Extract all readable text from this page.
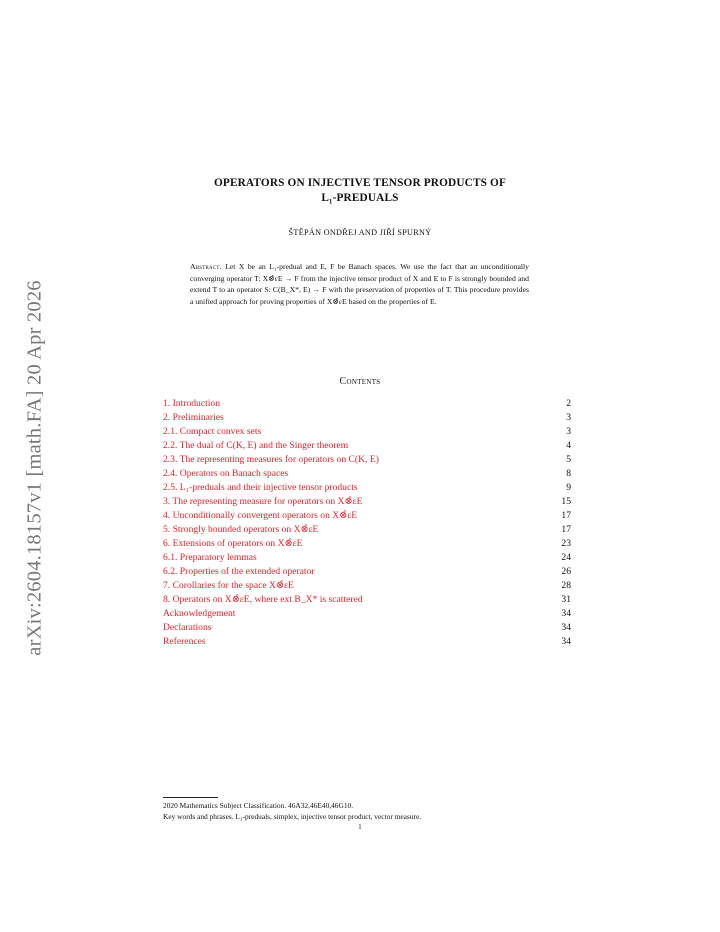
arXiv:2604.18157v1 [math.FA] 20 Apr 2026
OPERATORS ON INJECTIVE TENSOR PRODUCTS OF
L₁-PREDUALS
ŠTĚPÁN ONDŘEJ AND JIŘÍ SPURNÝ
Abstract. Let X be an L₁-predual and E, F be Banach spaces. We use the fact that an unconditionally converging operator T: X⊗̂εE → F from the injective tensor product of X and E to F is strongly bounded and extend T to an operator S: C(B_X*, E) → F with the preservation of properties of T. This procedure provides a unified approach for proving properties of X⊗̂εE based on the properties of E.
Contents
1. Introduction	2
2. Preliminaries	3
2.1. Compact convex sets	3
2.2. The dual of C(K, E) and the Singer theorem	4
2.3. The representing measures for operators on C(K, E)	5
2.4. Operators on Banach spaces	8
2.5. L₁-preduals and their injective tensor products	9
3. The representing measure for operators on X⊗̂εE	15
4. Unconditionally convergent operators on X⊗̂εE	17
5. Strongly bounded operators on X⊗̂εE	17
6. Extensions of operators on X⊗̂εE	23
6.1. Preparatory lemmas	24
6.2. Properties of the extended operator	26
7. Corollaries for the space X⊗̂εE	28
8. Operators on X⊗̂εE, where ext B_X* is scattered	31
Acknowledgement	34
Declarations	34
References	34
2020 Mathematics Subject Classification. 46A32,46E40,46G10.
Key words and phrases. L₁-preduals, simplex, injective tensor product, vector measure.
1
